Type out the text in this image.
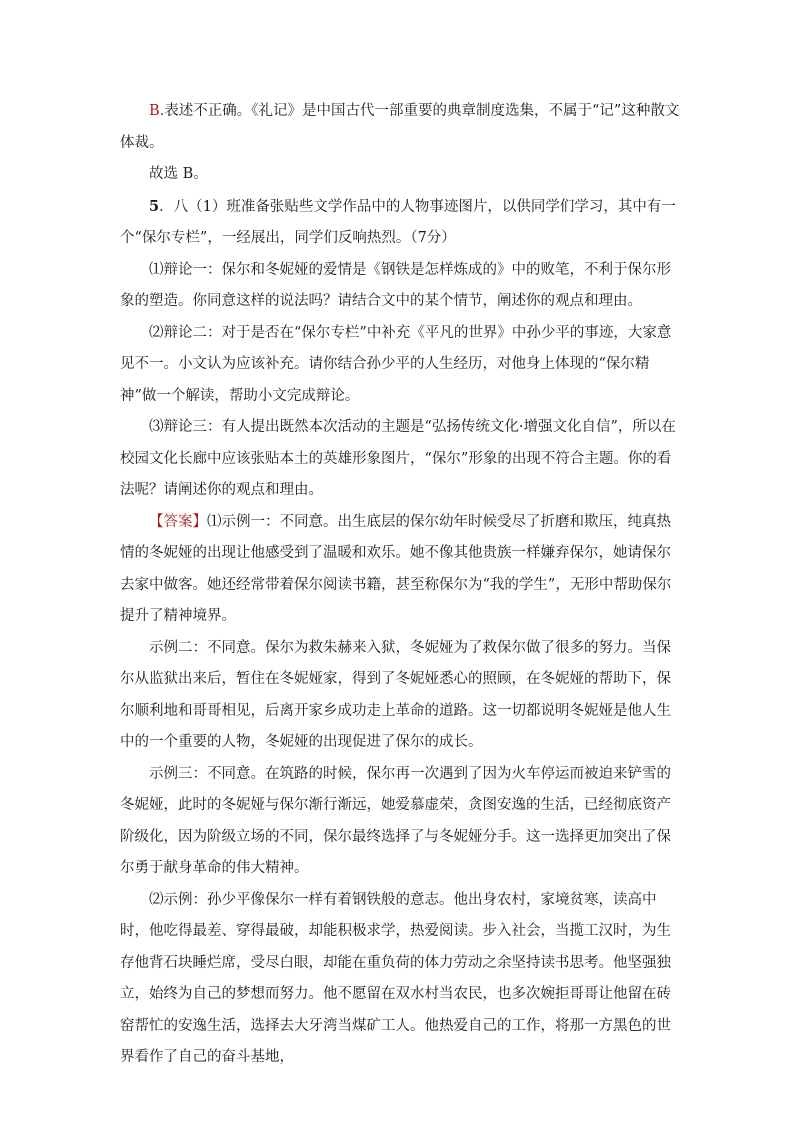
B.表述不正确。《礼记》是中国古代一部重要的典章制度选集，不属于“记”这种散文体裁。

故选 B。

5．八（1）班准备张贴些文学作品中的人物事迹图片，以供同学们学习，其中有一个“保尔专栏”，一经展出，同学们反响热烈。（7分）

⑴辩论一：保尔和冬妮娅的爱情是《钢铁是怎样炼成的》中的败笔，不利于保尔形象的塑造。你同意这样的说法吗？请结合文中的某个情节，阐述你的观点和理由。

⑵辩论二：对于是否在“保尔专栏”中补充《平凡的世界》中孙少平的事迹，大家意见不一。小文认为应该补充。请你结合孙少平的人生经历，对他身上体现的“保尔精神”做一个解读，帮助小文完成辩论。

⑶辩论三：有人提出既然本次活动的主题是“弘扬传统文化·增强文化自信”，所以在校园文化长廊中应该张贴本土的英雄形象图片，“保尔”形象的出现不符合主题。你的看法呢？请阐述你的观点和理由。

【答案】⑴示例一：不同意。出生底层的保尔幼年时候受尽了折磨和欺压，纯真热情的冬妮娅的出现让他感受到了温暖和欢乐。她不像其他贵族一样嫌弃保尔，她请保尔去家中做客。她还经常带着保尔阅读书籍，甚至称保尔为“我的学生”，无形中帮助保尔提升了精神境界。

示例二：不同意。保尔为救朱赫来入狱，冬妮娅为了救保尔做了很多的努力。当保尔从监狱出来后，暂住在冬妮娅家，得到了冬妮娅悉心的照顾，在冬妮娅的帮助下，保尔顺利地和哥哥相见，后离开家乡成功走上革命的道路。这一切都说明冬妮娅是他人生中的一个重要的人物，冬妮娅的出现促进了保尔的成长。

示例三：不同意。在筑路的时候，保尔再一次遇到了因为火车停运而被迫来铲雪的冬妮娅，此时的冬妮娅与保尔渐行渐远，她爱慕虚荣，贪图安逸的生活，已经彻底资产阶级化，因为阶级立场的不同，保尔最终选择了与冬妮娅分手。这一选择更加突出了保尔勇于献身革命的伟大精神。

⑵示例：孙少平像保尔一样有着钢铁般的意志。他出身农村，家境贫寒，读高中时，他吃得最差、穿得最破，却能积极求学，热爱阅读。步入社会，当揽工汉时，为生存他背石块睡烂席，受尽白眼，却能在重负荷的体力劳动之余坚持读书思考。他坚强独立，始终为自己的梦想而努力。他不愿留在双水村当农民，也多次婉拒哥哥让他留在砖窑帮忙的安逸生活，选择去大牙湾当煤矿工人。他热爱自己的工作，将那一方黑色的世界看作了自己的奋斗基地，
